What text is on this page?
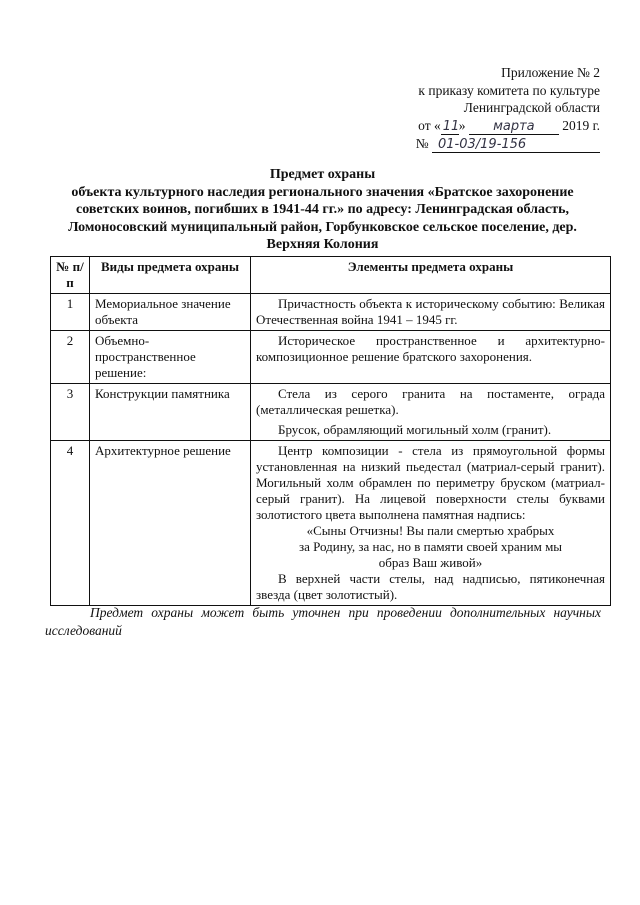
Приложение № 2
к приказу комитета по культуре
Ленинградской области
от « 11» марта 2019 г.
№ 01-03/19-156
Предмет охраны
объекта культурного наследия регионального значения «Братское захоронение советских воинов, погибших в 1941-44 гг.» по адресу: Ленинградская область, Ломоносовский муниципальный район, Горбунковское сельское поселение, дер. Верхняя Колония
№ п/п	Виды предмета охраны	Элементы предмета охраны
1	Мемориальное значение объекта	Причастность объекта к историческому событию: Великая Отечественная война 1941 – 1945 гг.

2	Объемно-пространственное решение:	Историческое пространственное и архитектурно-композиционное решение братского захоронения.

3	Конструкции памятника	Стела из серого гранита на постаменте, ограда (металлическая решетка).

Брусок, обрамляющий могильный холм (гранит).

4	Архитектурное решение	Центр композиции - стела из прямоугольной формы установленная на низкий пьедестал (матриал-серый гранит). Могильный холм обрамлен по периметру бруском (матриал-серый гранит). На лицевой поверхности стелы буквами золотистого цвета выполнена памятная надпись:

«Сыны Отчизны! Вы пали смертью храбрых

за Родину, за нас, но в памяти своей храним мы

образ Ваш живой»

В верхней части стелы, над надписью, пятиконечная звезда (цвет золотистый).

Предмет охраны может быть уточнен при проведении дополнительных научных исследований
